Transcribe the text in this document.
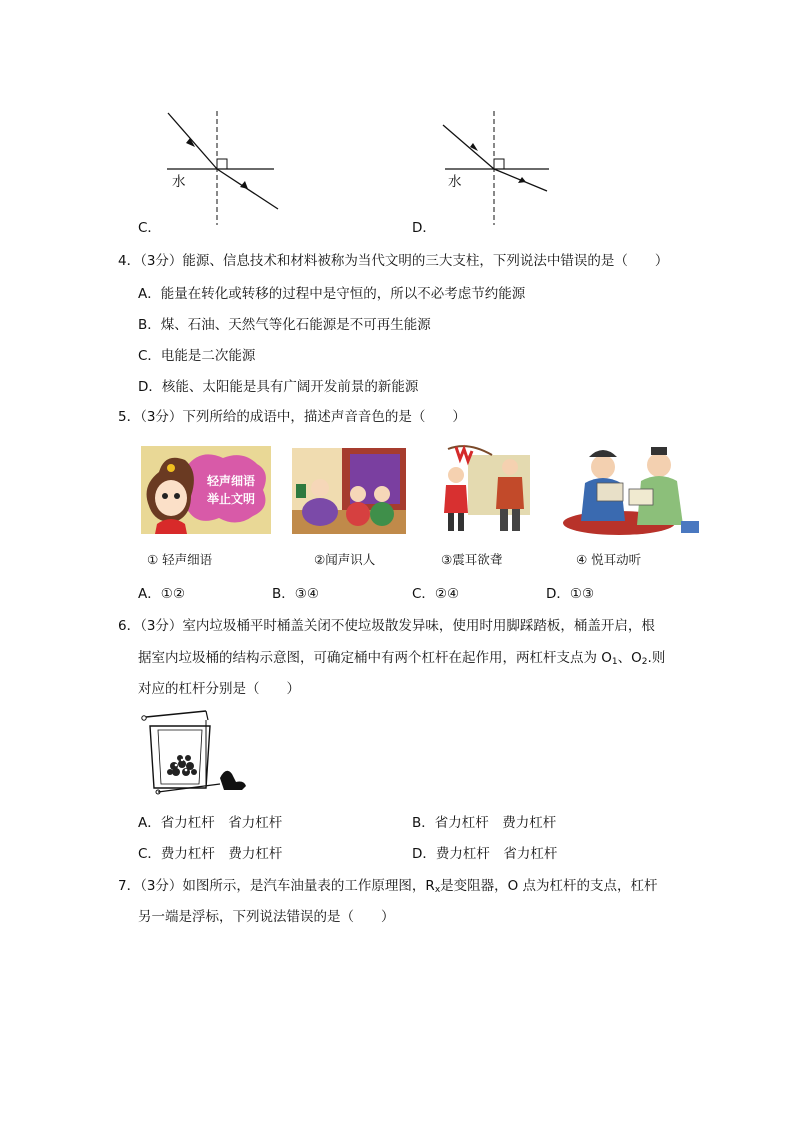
水
C．
水
D．
4．（3分）能源、信息技术和材料被称为当代文明的三大支柱，下列说法中错误的是（　　）
A．能量在转化或转移的过程中是守恒的，所以不必考虑节约能源
B．煤、石油、天然气等化石能源是不可再生能源
C．电能是二次能源
D．核能、太阳能是具有广阔开发前景的新能源
5．（3分）下列所给的成语中，描述声音音色的是（　　）
轻声细语 举止文明
① 轻声细语	②闻声识人	③震耳欲聋	④ 悦耳动听
A．①②	B．③④	C．②④	D．①③
6．（3分）室内垃圾桶平时桶盖关闭不使垃圾散发异味，使用时用脚踩踏板，桶盖开启，根
据室内垃圾桶的结构示意图，可确定桶中有两个杠杆在起作用，两杠杆支点为 $O_1$、$O_2$.则
对应的杠杆分别是（　　）
A．省力杠杆　省力杠杆	B．省力杠杆　费力杠杆
C．费力杠杆　费力杠杆	D．费力杠杆　省力杠杆
7．（3分）如图所示，是汽车油量表的工作原理图，$R_x$是变阻器，O 点为杠杆的支点，杠杆
另一端是浮标，下列说法错误的是（　　）
